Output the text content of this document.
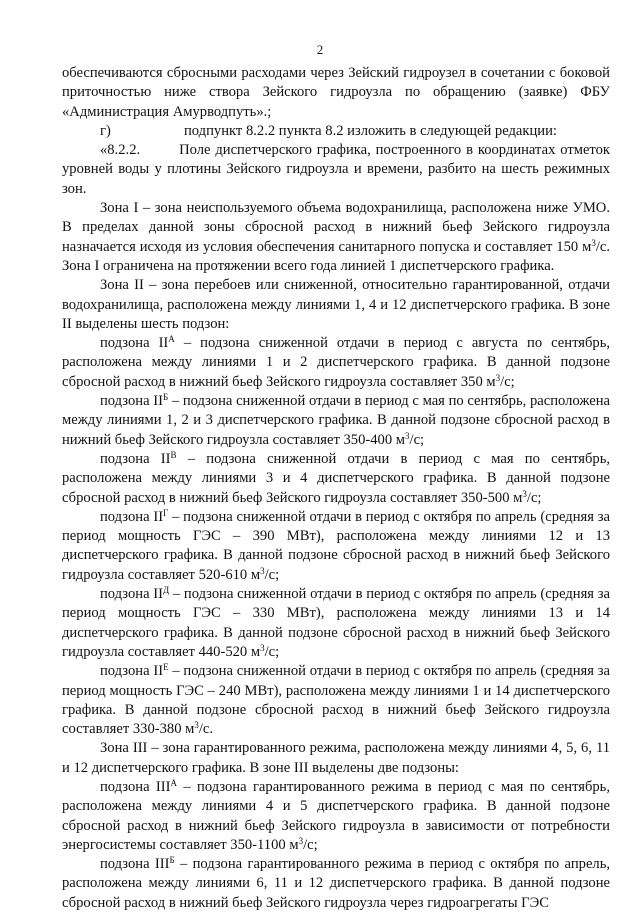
2

обеспечиваются сбросными расходами через Зейский гидроузел в сочетании с боковой приточностью ниже створа Зейского гидроузла по обращению (заявке) ФБУ «Администрация Амурводпуть».;

г)	подпункт 8.2.2 пункта 8.2 изложить в следующей редакции:

«8.2.2.        Поле диспетчерского графика, построенного в координатах отметок уровней воды у плотины Зейского гидроузла и времени, разбито на шесть режимных зон.

Зона I – зона неиспользуемого объема водохранилища, расположена ниже УМО. В пределах данной зоны сбросной расход в нижний бьеф Зейского гидроузла назначается исходя из условия обеспечения санитарного попуска и составляет 150 $м^3/с$. Зона I ограничена на протяжении всего года линией 1 диспетчерского графика.

Зона II – зона перебоев или сниженной, относительно гарантированной, отдачи водохранилища, расположена между линиями 1, 4 и 12 диспетчерского графика. В зоне II выделены шесть подзон:

подзона $II^А$ – подзона сниженной отдачи в период с августа по сентябрь, расположена между линиями 1 и 2 диспетчерского графика. В данной подзоне сбросной расход в нижний бьеф Зейского гидроузла составляет 350 $м^3/с$;

подзона $II^Б$ – подзона сниженной отдачи в период с мая по сентябрь, расположена между линиями 1, 2 и 3 диспетчерского графика. В данной подзоне сбросной расход в нижний бьеф Зейского гидроузла составляет 350-400 $м^3/с$;

подзона $II^В$ – подзона сниженной отдачи в период с мая по сентябрь, расположена между линиями 3 и 4 диспетчерского графика. В данной подзоне сбросной расход в нижний бьеф Зейского гидроузла составляет 350-500 $м^3/с$;

подзона $II^Г$ – подзона сниженной отдачи в период с октября по апрель (средняя за период мощность ГЭС – 390 МВт), расположена между линиями 12 и 13 диспетчерского графика. В данной подзоне сбросной расход в нижний бьеф Зейского гидроузла составляет 520-610 $м^3/с$;

подзона $II^Д$ – подзона сниженной отдачи в период с октября по апрель (средняя за период мощность ГЭС – 330 МВт), расположена между линиями 13 и 14 диспетчерского графика. В данной подзоне сбросной расход в нижний бьеф Зейского гидроузла составляет 440-520 $м^3/с$;

подзона $II^Е$ – подзона сниженной отдачи в период с октября по апрель (средняя за период мощность ГЭС – 240 МВт), расположена между линиями 1 и 14 диспетчерского графика. В данной подзоне сбросной расход в нижний бьеф Зейского гидроузла составляет 330-380 $м^3/с$.

Зона III – зона гарантированного режима, расположена между линиями 4, 5, 6, 11 и 12 диспетчерского графика. В зоне III выделены две подзоны:

подзона $III^А$ – подзона гарантированного режима в период с мая по сентябрь, расположена между линиями 4 и 5 диспетчерского графика. В данной подзоне сбросной расход в нижний бьеф Зейского гидроузла в зависимости от потребности энергосистемы составляет 350-1100 $м^3/с$;

подзона $III^Б$ – подзона гарантированного режима в период с октября по апрель, расположена между линиями 6, 11 и 12 диспетчерского графика. В данной подзоне сбросной расход в нижний бьеф Зейского гидроузла через гидроагрегаты ГЭС
